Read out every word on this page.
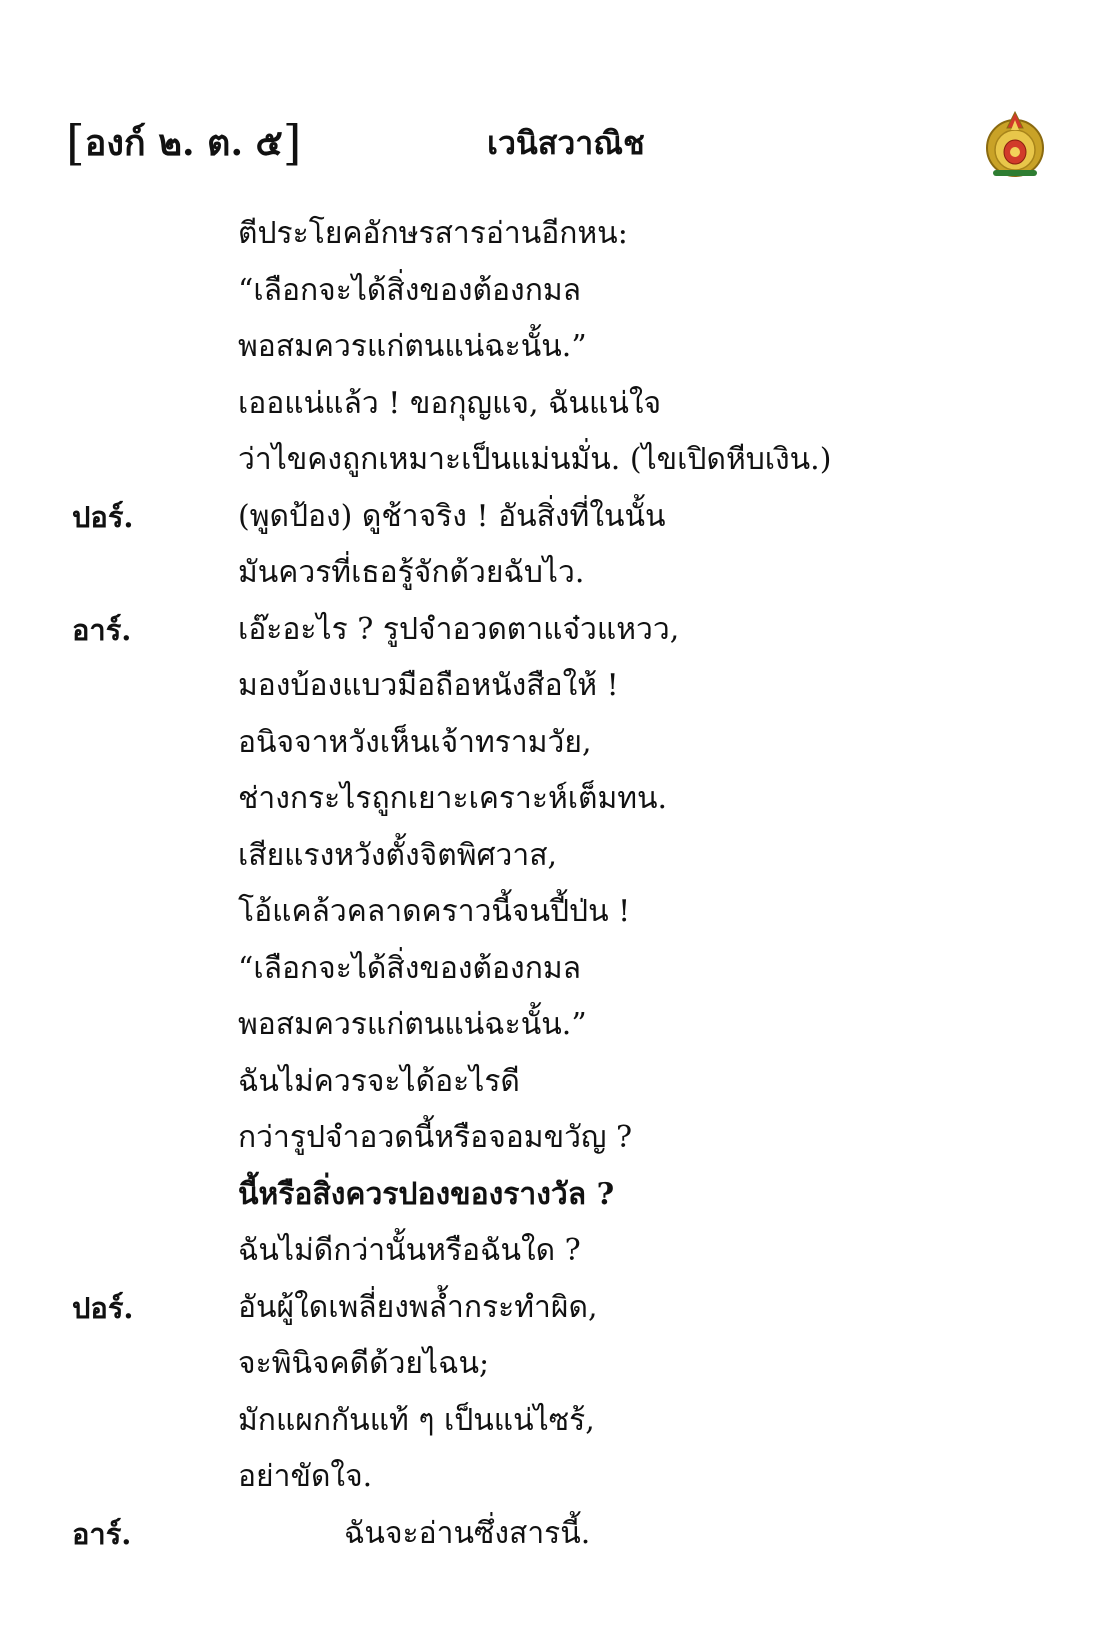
[องก์ ๒. ต. ๕]	เวนิสวาณิช
ตีประโยคอักษรสารอ่านอีกหน:
“เลือกจะได้สิ่งของต้องกมล
พอสมควรแก่ตนแน่ฉะนั้น.”
เออแน่แล้ว ! ขอกุญแจ, ฉันแน่ใจ
ว่าไขคงถูกเหมาะเป็นแม่นมั่น. (ไขเปิดหีบเงิน.)
ปอร์.	(พูดป้อง) ดูช้าจริง ! อันสิ่งที่ในนั้น
มันควรที่เธอรู้จักด้วยฉับไว.
อาร์.	เอ๊ะอะไร ? รูปจำอวดตาแจ๋วแหวว,
มองบ้องแบวมือถือหนังสือให้ !
อนิจจาหวังเห็นเจ้าทรามวัย,
ช่างกระไรถูกเยาะเคราะห์เต็มทน.
เสียแรงหวังตั้งจิตพิศวาส,
โอ้แคล้วคลาดคราวนี้จนปี้ป่น !
“เลือกจะได้สิ่งของต้องกมล
พอสมควรแก่ตนแน่ฉะนั้น.”
ฉันไม่ควรจะได้อะไรดี
กว่ารูปจำอวดนี้หรือจอมขวัญ ?
นี้หรือสิ่งควรปองของรางวัล ?
ฉันไม่ดีกว่านั้นหรือฉันใด ?
ปอร์.	อันผู้ใดเพลี่ยงพล้ำกระทำผิด,
จะพินิจคดีด้วยไฉน;
มักแผกกันแท้ ๆ เป็นแน่ไซร้,
อย่าขัดใจ.
อาร์.	ฉันจะอ่านซึ่งสารนี้.
